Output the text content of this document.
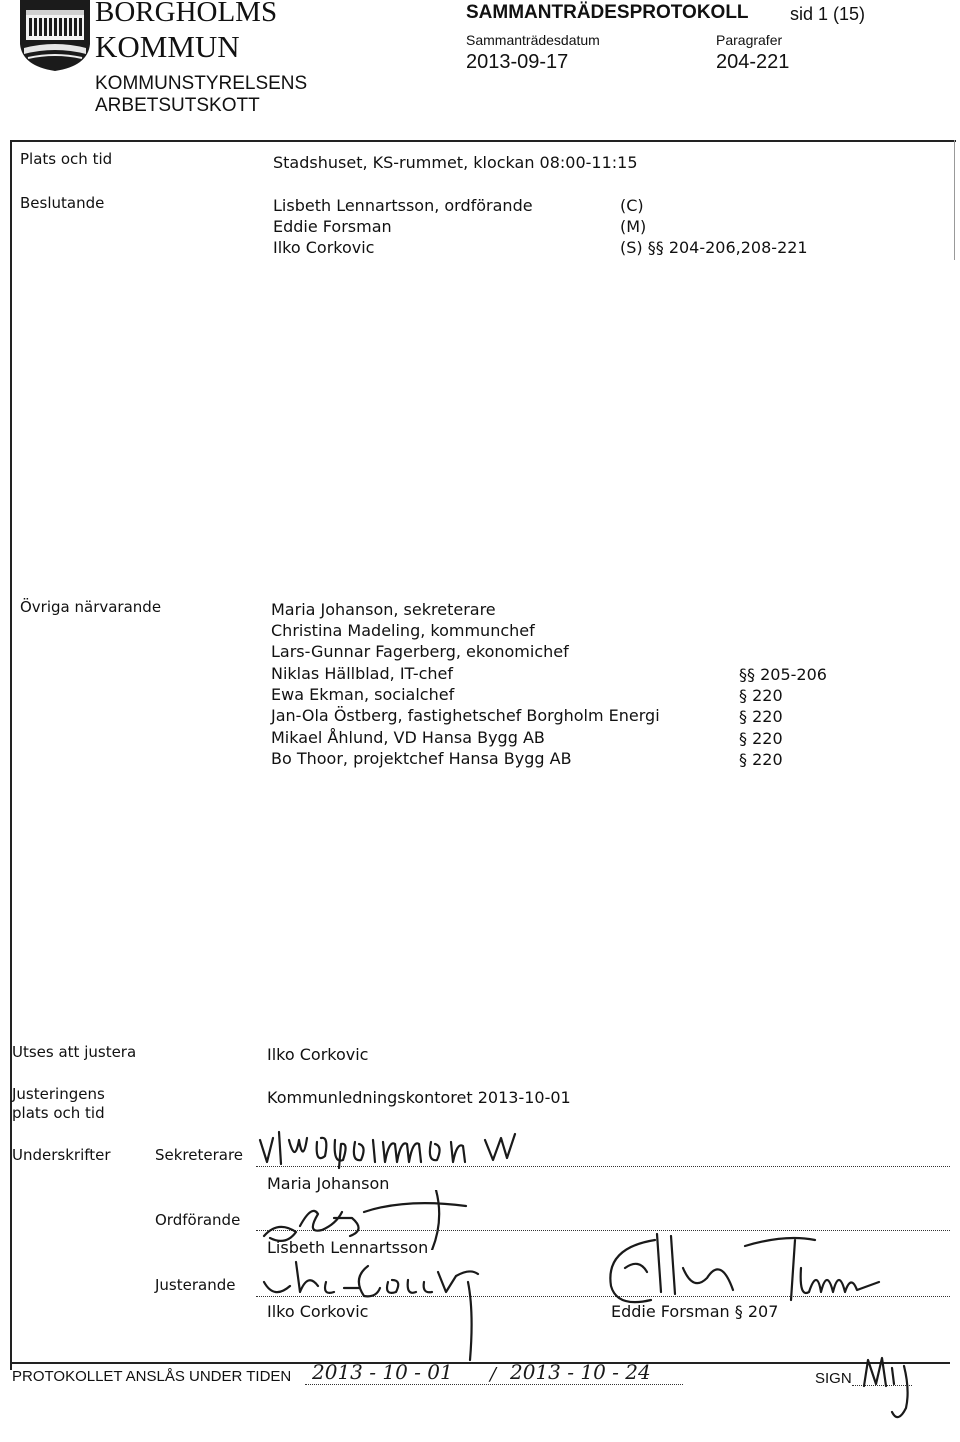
BORGHOLMS
KOMMUN
KOMMUNSTYRELSENS
ARBETSUTSKOTT
SAMMANTRÄDESPROTOKOLL sid 1 (15)
Sammanträdesdatum
2013-09-17
Paragrafer
204-221
Plats och tid	Stadshuset, KS-rummet, klockan 08:00-11:15
Beslutande	Lisbeth Lennartsson, ordförande	(C)
Eddie Forsman	(M)
Ilko Corkovic	(S) §§ 204-206,208-221
Övriga närvarande	Maria Johanson, sekreterare
Christina Madeling, kommunchef
Lars-Gunnar Fagerberg, ekonomichef
Niklas Hällblad, IT-chef	§§ 205-206
Ewa Ekman, socialchef	§ 220
Jan-Ola Östberg, fastighetschef Borgholm Energi	§ 220
Mikael Åhlund, VD Hansa Bygg AB	§ 220
Bo Thoor, projektchef Hansa Bygg AB	§ 220
Utses att justera	Ilko Corkovic
Justeringens
plats och tid
Kommunledningskontoret 2013-10-01
Underskrifter	Sekreterare
Maria Johanson
Ordförande
Lisbeth Lennartsson
Justerande
Ilko Corkovic	Eddie Forsman § 207
PROTOKOLLET ANSLÅS UNDER TIDEN 2013 - 10 - 01 / 2013 - 10 - 24	SIGN
